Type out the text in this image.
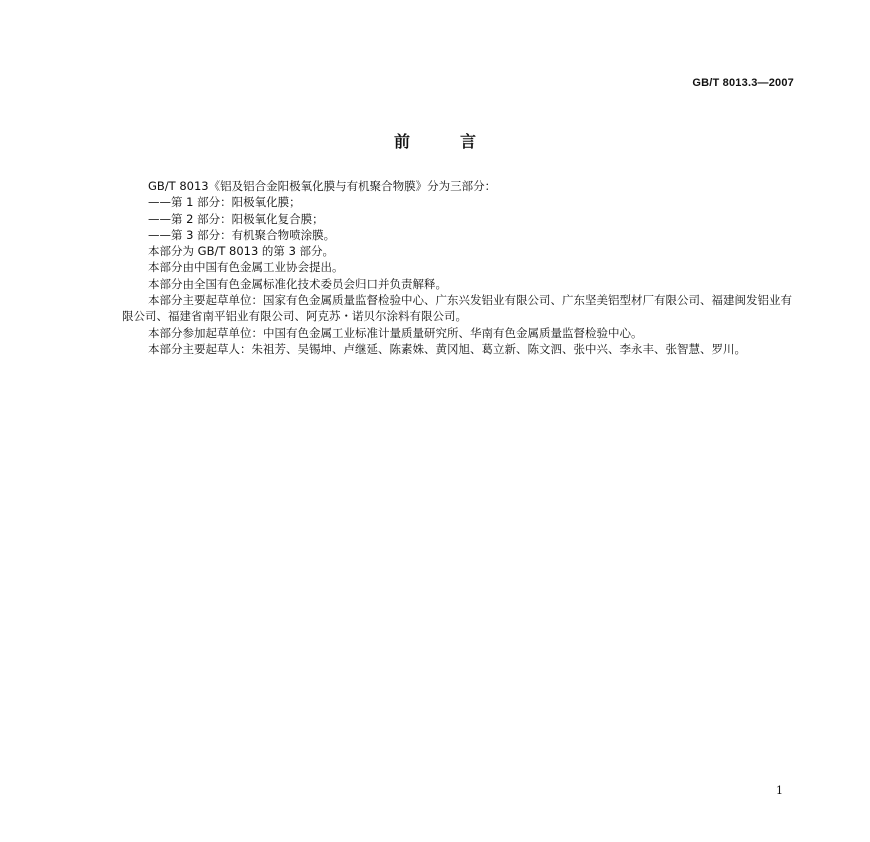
GB/T 8013.3—2007
前言

GB/T 8013《铝及铝合金阳极氧化膜与有机聚合物膜》分为三部分：

——第 1 部分：阳极氧化膜；

——第 2 部分：阳极氧化复合膜；

——第 3 部分：有机聚合物喷涂膜。

本部分为 GB/T 8013 的第 3 部分。

本部分由中国有色金属工业协会提出。

本部分由全国有色金属标准化技术委员会归口并负责解释。

本部分主要起草单位：国家有色金属质量监督检验中心、广东兴发铝业有限公司、广东坚美铝型材厂有限公司、福建闽发铝业有限公司、福建省南平铝业有限公司、阿克苏・诺贝尔涂料有限公司。

本部分参加起草单位：中国有色金属工业标准计量质量研究所、华南有色金属质量监督检验中心。

本部分主要起草人：朱祖芳、吴锡坤、卢继延、陈素姝、黄冈旭、葛立新、陈文泗、张中兴、李永丰、张智慧、罗川。

1
